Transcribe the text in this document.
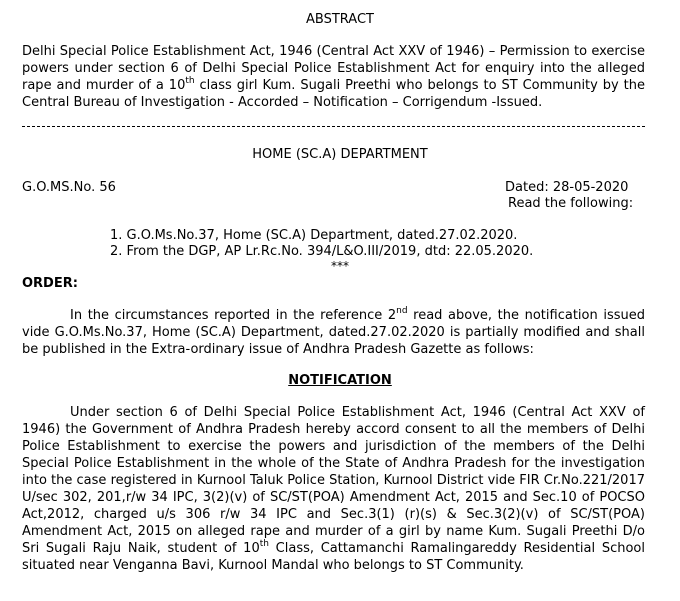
ABSTRACT
Delhi Special Police Establishment Act, 1946 (Central Act XXV of 1946) – Permission to exercise powers under section 6 of Delhi Special Police Establishment Act for enquiry into the alleged rape and murder of a 10th class girl Kum. Sugali Preethi who belongs to ST Community by the Central Bureau of Investigation - Accorded – Notification – Corrigendum -Issued.
HOME (SC.A) DEPARTMENT
G.O.MS.No. 56	Dated: 28-05-2020
Read the following:
1. G.O.Ms.No.37, Home (SC.A) Department, dated.27.02.2020.
2. From the DGP, AP Lr.Rc.No. 394/L&O.III/2019, dtd: 22.05.2020.
***
ORDER:
In the circumstances reported in the reference 2nd read above, the notification issued vide G.O.Ms.No.37, Home (SC.A) Department, dated.27.02.2020 is partially modified and shall be published in the Extra-ordinary issue of Andhra Pradesh Gazette as follows:
NOTIFICATION
Under section 6 of Delhi Special Police Establishment Act, 1946 (Central Act XXV of 1946) the Government of Andhra Pradesh hereby accord consent to all the members of Delhi Police Establishment to exercise the powers and jurisdiction of the members of the Delhi Special Police Establishment in the whole of the State of Andhra Pradesh for the investigation into the case registered in Kurnool Taluk Police Station, Kurnool District vide FIR Cr.No.221/2017 U/sec 302, 201,r/w 34 IPC, 3(2)(v) of SC/ST(POA) Amendment Act, 2015 and Sec.10 of POCSO Act,2012, charged u/s 306 r/w 34 IPC and Sec.3(1) (r)(s) & Sec.3(2)(v) of SC/ST(POA) Amendment Act, 2015 on alleged rape and murder of a girl by name Kum. Sugali Preethi D/o Sri Sugali Raju Naik, student of 10th Class, Cattamanchi Ramalingareddy Residential School situated near Venganna Bavi, Kurnool Mandal who belongs to ST Community.
